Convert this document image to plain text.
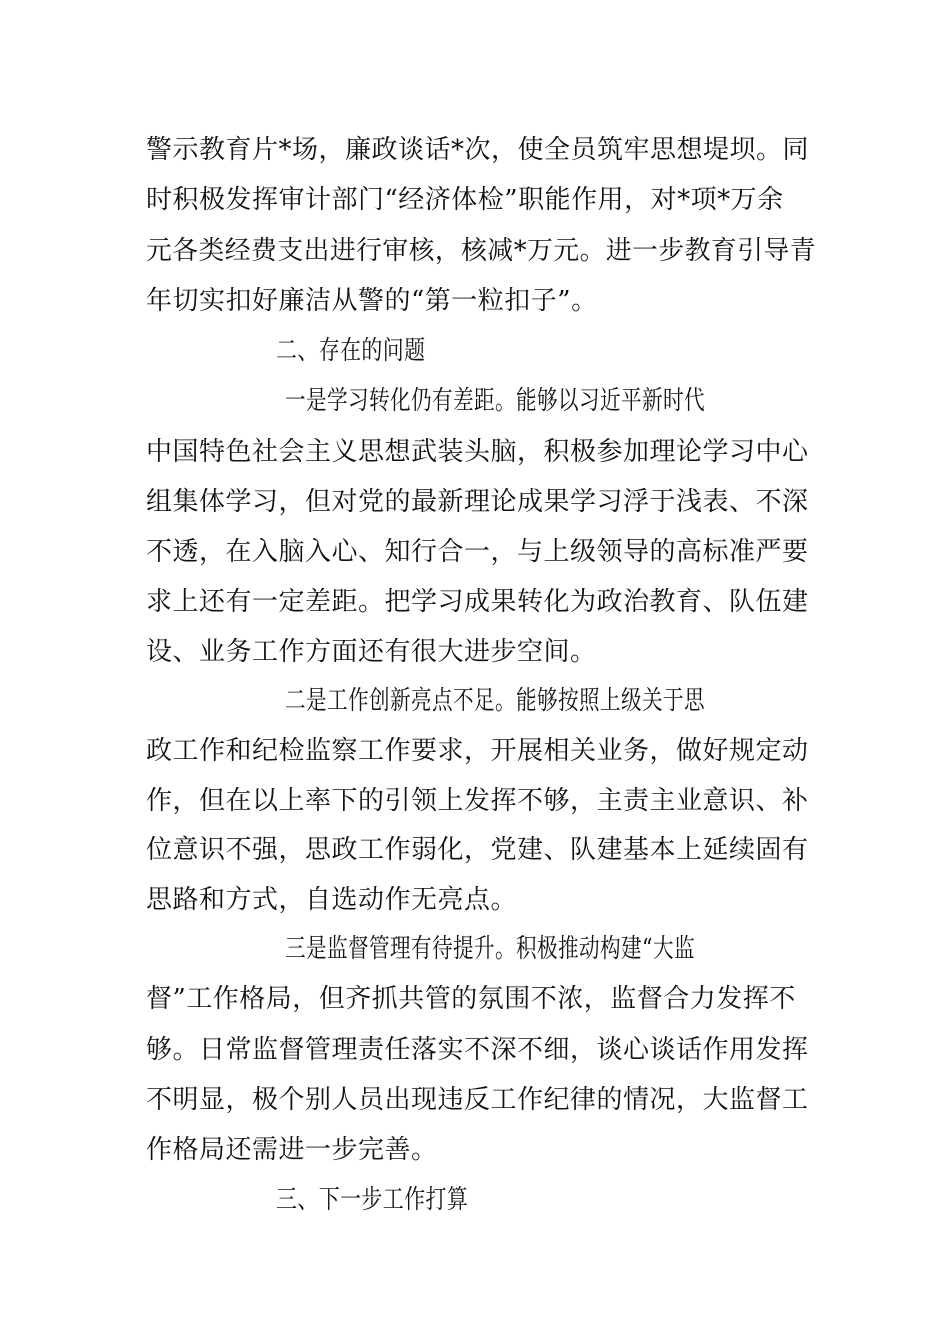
警示教育片*场，廉政谈话*次，使全员筑牢思想堤坝。同
时积极发挥审计部门“经济体检”职能作用，对*项*万余
元各类经费支出进行审核，核减*万元。进一步教育引导青
年切实扣好廉洁从警的“第一粒扣子”。
二、存在的问题
一是学习转化仍有差距。能够以习近平新时代
中国特色社会主义思想武装头脑，积极参加理论学习中心
组集体学习，但对党的最新理论成果学习浮于浅表、不深
不透，在入脑入心、知行合一，与上级领导的高标准严要
求上还有一定差距。把学习成果转化为政治教育、队伍建
设、业务工作方面还有很大进步空间。
二是工作创新亮点不足。能够按照上级关于思
政工作和纪检监察工作要求，开展相关业务，做好规定动
作，但在以上率下的引领上发挥不够，主责主业意识、补
位意识不强，思政工作弱化，党建、队建基本上延续固有
思路和方式，自选动作无亮点。
三是监督管理有待提升。积极推动构建“大监
督”工作格局，但齐抓共管的氛围不浓，监督合力发挥不
够。日常监督管理责任落实不深不细，谈心谈话作用发挥
不明显，极个别人员出现违反工作纪律的情况，大监督工
作格局还需进一步完善。
三、下一步工作打算
